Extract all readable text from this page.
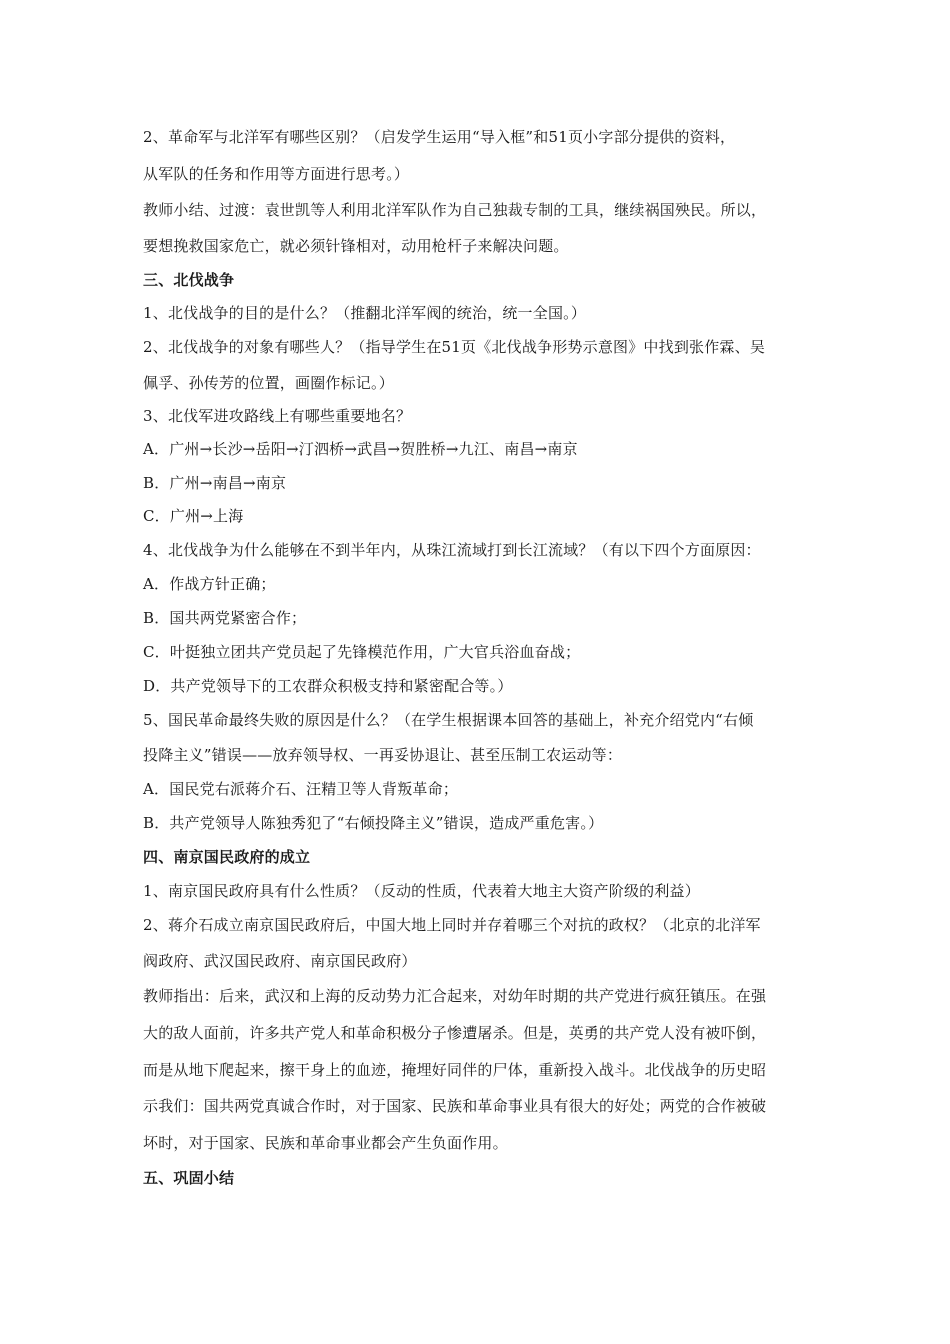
2、革命军与北洋军有哪些区别？（启发学生运用“导入框”和51页小字部分提供的资料，
从军队的任务和作用等方面进行思考。）
教师小结、过渡：袁世凯等人利用北洋军队作为自己独裁专制的工具，继续祸国殃民。所以，
要想挽救国家危亡，就必须针锋相对，动用枪杆子来解决问题。
三、北伐战争
1、北伐战争的目的是什么？（推翻北洋军阀的统治，统一全国。）
2、北伐战争的对象有哪些人？（指导学生在51页《北伐战争形势示意图》中找到张作霖、吴
佩孚、孙传芳的位置，画圈作标记。）
3、北伐军进攻路线上有哪些重要地名？
A．广州→长沙→岳阳→汀泗桥→武昌→贺胜桥→九江、南昌→南京
B．广州→南昌→南京
C．广州→上海
4、北伐战争为什么能够在不到半年内，从珠江流域打到长江流域？（有以下四个方面原因：
A．作战方针正确；
B．国共两党紧密合作；
C．叶挺独立团共产党员起了先锋模范作用，广大官兵浴血奋战；
D．共产党领导下的工农群众积极支持和紧密配合等。）
5、国民革命最终失败的原因是什么？（在学生根据课本回答的基础上，补充介绍党内“右倾
投降主义”错误——放弃领导权、一再妥协退让、甚至压制工农运动等：
A．国民党右派蒋介石、汪精卫等人背叛革命；
B．共产党领导人陈独秀犯了“右倾投降主义”错误，造成严重危害。）
四、南京国民政府的成立
1、南京国民政府具有什么性质？（反动的性质，代表着大地主大资产阶级的利益）
2、蒋介石成立南京国民政府后，中国大地上同时并存着哪三个对抗的政权？（北京的北洋军
阀政府、武汉国民政府、南京国民政府）
教师指出：后来，武汉和上海的反动势力汇合起来，对幼年时期的共产党进行疯狂镇压。在强
大的敌人面前，许多共产党人和革命积极分子惨遭屠杀。但是，英勇的共产党人没有被吓倒，
而是从地下爬起来，擦干身上的血迹，掩埋好同伴的尸体，重新投入战斗。北伐战争的历史昭
示我们：国共两党真诚合作时，对于国家、民族和革命事业具有很大的好处；两党的合作被破
坏时，对于国家、民族和革命事业都会产生负面作用。
五、巩固小结
